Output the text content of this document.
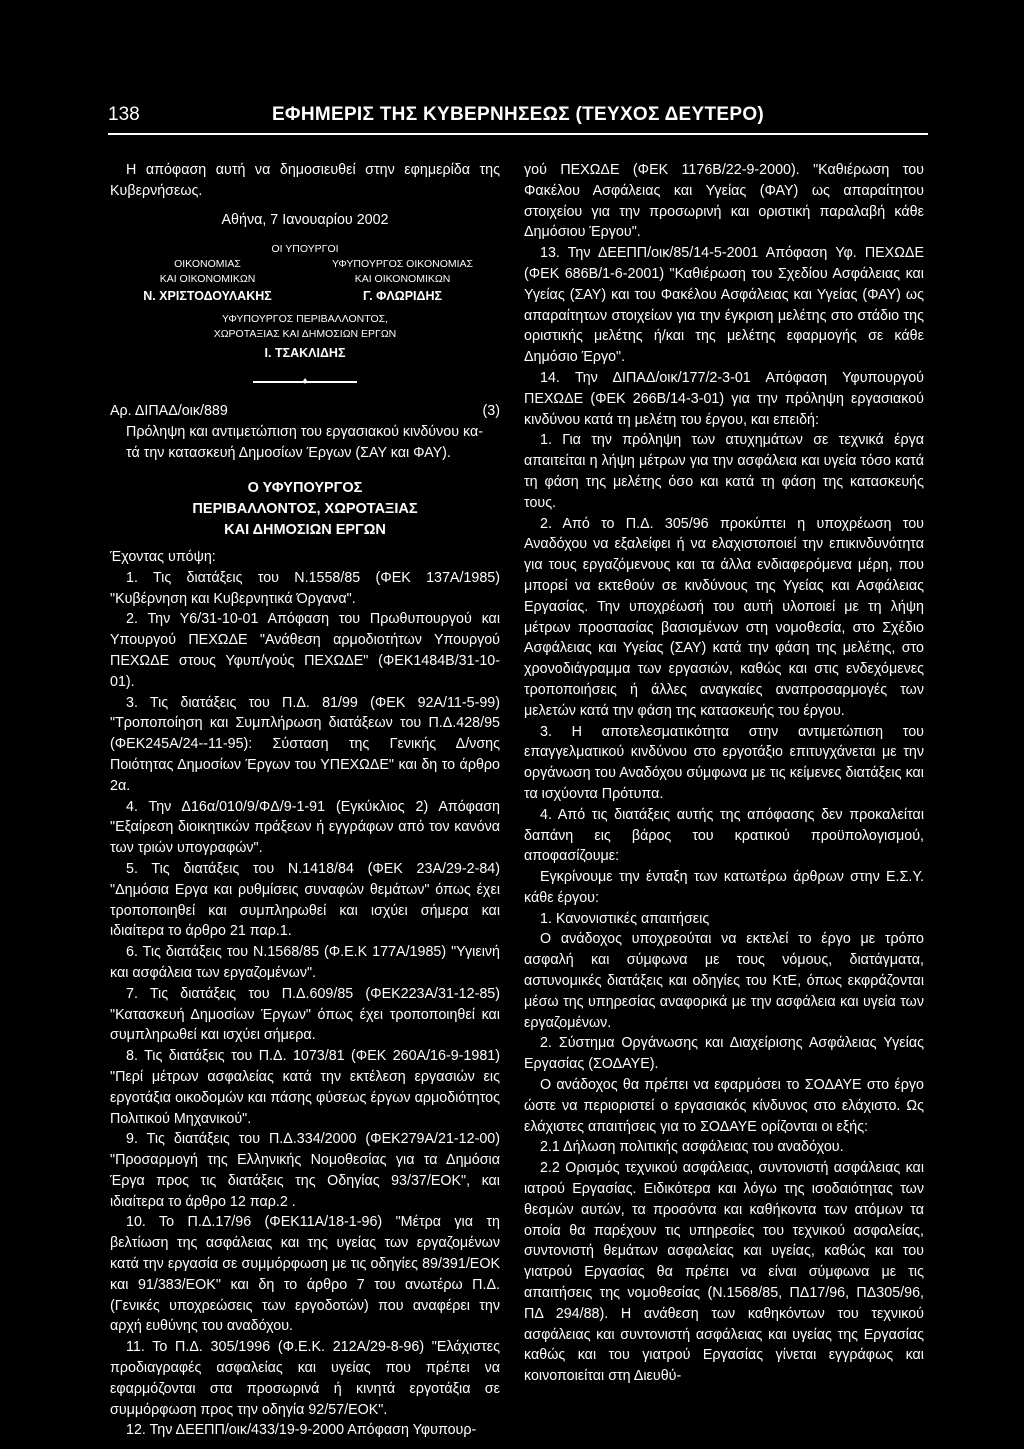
138	ΕΦΗΜΕΡΙΣ ΤΗΣ ΚΥΒΕΡΝΗΣΕΩΣ (ΤΕΥΧΟΣ ΔΕΥΤΕΡΟ)

Η απόφαση αυτή να δημοσιευθεί στην εφημερίδα της Κυβερνήσεως.

Αθήνα, 7 Ιανουαρίου 2002

ΟΙ ΥΠΟΥΡΓΟΙ
ΟΙΚΟΝΟΜΙΑΣ	ΥΦΥΠΟΥΡΓΟΣ ΟΙΚΟΝΟΜΙΑΣ
ΚΑΙ ΟΙΚΟΝΟΜΙΚΩΝ	ΚΑΙ ΟΙΚΟΝΟΜΙΚΩΝ
Ν. ΧΡΙΣΤΟΔΟΥΛΑΚΗΣ	Γ. ΦΛΩΡΙΔΗΣ
ΥΦΥΠΟΥΡΓΟΣ ΠΕΡΙΒΑΛΛΟΝΤΟΣ,
ΧΩΡΟΤΑΞΙΑΣ ΚΑΙ ΔΗΜΟΣΙΩΝ ΕΡΓΩΝ
Ι. ΤΣΑΚΛΙΔΗΣ
♦
Αρ. ΔΙΠΑΔ/οικ/889	(3)

Πρόληψη και αντιμετώπιση του εργασιακού κινδύνου κα-

τά την κατασκευή Δημοσίων Έργων (ΣΑΥ και ΦΑΥ).

Ο ΥΦΥΠΟΥΡΓΟΣ
ΠΕΡΙΒΑΛΛΟΝΤΟΣ, ΧΩΡΟΤΑΞΙΑΣ
ΚΑΙ ΔΗΜΟΣΙΩΝ ΕΡΓΩΝ

Έχοντας υπόψη:

1. Τις διατάξεις του Ν.1558/85 (ΦΕΚ 137Α/1985) "Κυβέρνηση και Κυβερνητικά Όργανα".

2. Την Υ6/31-10-01 Απόφαση του Πρωθυπουργού και Υπουργού ΠΕΧΩΔΕ "Ανάθεση αρμοδιοτήτων Υπουργού ΠΕΧΩΔΕ στους Υφυπ/γούς ΠΕΧΩΔΕ" (ΦΕΚ1484Β/31-10-01).

3. Τις διατάξεις του Π.Δ. 81/99 (ΦΕΚ 92Α/11-5-99) "Τροποποίηση και Συμπλήρωση διατάξεων του Π.Δ.428/95 (ΦΕΚ245Α/24--11-95): Σύσταση της Γενικής Δ/νσης Ποιότητας Δημοσίων Έργων του ΥΠΕΧΩΔΕ" και δη το άρθρο 2α.

4. Την Δ16α/010/9/ΦΔ/9-1-91 (Εγκύκλιος 2) Απόφαση "Εξαίρεση διοικητικών πράξεων ή εγγράφων από τον κανόνα των τριών υπογραφών".

5. Τις διατάξεις του Ν.1418/84 (ΦΕΚ 23Α/29-2-84) "Δημόσια Εργα και ρυθμίσεις συναφών θεμάτων" όπως έχει τροποποιηθεί και συμπληρωθεί και ισχύει σήμερα και ιδιαίτερα το άρθρο 21 παρ.1.

6. Τις διατάξεις του Ν.1568/85 (Φ.Ε.Κ 177Α/1985) "Υγιεινή και ασφάλεια των εργαζομένων".

7. Τις διατάξεις του Π.Δ.609/85 (ΦΕΚ223Α/31-12-85) "Κατασκευή Δημοσίων Έργων" όπως έχει τροποποιηθεί και συμπληρωθεί και ισχύει σήμερα.

8. Τις διατάξεις του Π.Δ. 1073/81 (ΦΕΚ 260Α/16-9-1981) "Περί μέτρων ασφαλείας κατά την εκτέλεση εργασιών εις εργοτάξια οικοδομών και πάσης φύσεως έργων αρμοδιότητος Πολιτικού Μηχανικού".

9. Τις διατάξεις του Π.Δ.334/2000 (ΦΕΚ279Α/21-12-00) "Προσαρμογή της Ελληνικής Νομοθεσίας για τα Δημόσια Έργα προς τις διατάξεις της Οδηγίας 93/37/ΕΟΚ", και ιδιαίτερα το άρθρο 12 παρ.2 .

10. Το Π.Δ.17/96 (ΦΕΚ11Α/18-1-96) "Μέτρα για τη βελτίωση της ασφάλειας και της υγείας των εργαζομένων κατά την εργασία σε συμμόρφωση με τις οδηγίες 89/391/ΕΟΚ και 91/383/ΕΟΚ" και δη το άρθρο 7 του ανωτέρω Π.Δ. (Γενικές υποχρεώσεις των εργοδοτών) που αναφέρει την αρχή ευθύνης του αναδόχου.

11. Το Π.Δ. 305/1996 (Φ.Ε.Κ. 212Α/29-8-96) "Ελάχιστες προδιαγραφές ασφαλείας και υγείας που πρέπει να εφαρμόζονται στα προσωρινά ή κινητά εργοτάξια σε συμμόρφωση προς την οδηγία 92/57/ΕΟΚ".

12. Την ΔΕΕΠΠ/οικ/433/19-9-2000 Απόφαση Υφυπουρ-

γού ΠΕΧΩΔΕ (ΦΕΚ 1176Β/22-9-2000). "Καθιέρωση του Φακέλου Ασφάλειας και Υγείας (ΦΑΥ) ως απαραίτητου στοιχείου για την προσωρινή και οριστική παραλαβή κάθε Δημόσιου Έργου".

13. Την ΔΕΕΠΠ/οικ/85/14-5-2001 Απόφαση Υφ. ΠΕΧΩΔΕ (ΦΕΚ 686Β/1-6-2001) "Καθιέρωση του Σχεδίου Ασφάλειας και Υγείας (ΣΑΥ) και του Φακέλου Ασφάλειας και Υγείας (ΦΑΥ) ως απαραίτητων στοιχείων για την έγκριση μελέτης στο στάδιο της οριστικής μελέτης ή/και της μελέτης εφαρμογής σε κάθε Δημόσιο Έργο".

14. Την ΔΙΠΑΔ/οικ/177/2-3-01 Απόφαση Υφυπουργού ΠΕΧΩΔΕ (ΦΕΚ 266Β/14-3-01) για την πρόληψη εργασιακού κινδύνου κατά τη μελέτη του έργου, και επειδή:

1. Για την πρόληψη των ατυχημάτων σε τεχνικά έργα απαιτείται η λήψη μέτρων για την ασφάλεια και υγεία τόσο κατά τη φάση της μελέτης όσο και κατά τη φάση της κατασκευής τους.

2. Από το Π.Δ. 305/96 προκύπτει η υποχρέωση του Αναδόχου να εξαλείφει ή να ελαχιστοποιεί την επικινδυνότητα για τους εργαζόμενους και τα άλλα ενδιαφερόμενα μέρη, που μπορεί να εκτεθούν σε κινδύνους της Υγείας και Ασφάλειας Εργασίας. Την υποχρέωσή του αυτή υλοποιεί με τη λήψη μέτρων προστασίας βασισμένων στη νομοθεσία, στο Σχέδιο Ασφάλειας και Υγείας (ΣΑΥ) κατά την φάση της μελέτης, στο χρονοδιάγραμμα των εργασιών, καθώς και στις ενδεχόμενες τροποποιήσεις ή άλλες αναγκαίες αναπροσαρμογές των μελετών κατά την φάση της κατασκευής του έργου.

3. Η αποτελεσματικότητα στην αντιμετώπιση του επαγγελματικού κινδύνου στο εργοτάξιο επιτυγχάνεται με την οργάνωση του Αναδόχου σύμφωνα με τις κείμενες διατάξεις και τα ισχύοντα Πρότυπα.

4. Από τις διατάξεις αυτής της απόφασης δεν προκαλείται δαπάνη εις βάρος του κρατικού προϋπολογισμού, αποφασίζουμε:

Εγκρίνουμε την ένταξη των κατωτέρω άρθρων στην Ε.Σ.Υ. κάθε έργου:

1. Κανονιστικές απαιτήσεις

Ο ανάδοχος υποχρεούται να εκτελεί το έργο με τρόπο ασφαλή και σύμφωνα με τους νόμους, διατάγματα, αστυνομικές διατάξεις και οδηγίες του ΚτΕ, όπως εκφράζονται μέσω της υπηρεσίας αναφορικά με την ασφάλεια και υγεία των εργαζομένων.

2. Σύστημα Οργάνωσης και Διαχείρισης Ασφάλειας Υγείας Εργασίας (ΣΟΔΑΥΕ).

Ο ανάδοχος θα πρέπει να εφαρμόσει το ΣΟΔΑΥΕ στο έργο ώστε να περιοριστεί ο εργασιακός κίνδυνος στο ελάχιστο. Ως ελάχιστες απαιτήσεις για το ΣΟΔΑΥΕ ορίζονται οι εξής:

2.1 Δήλωση πολιτικής ασφάλειας του αναδόχου.

2.2 Ορισμός τεχνικού ασφάλειας, συντονιστή ασφάλειας και ιατρού Εργασίας. Ειδικότερα και λόγω της ισοδαιότητας των θεσμών αυτών, τα προσόντα και καθήκοντα των ατόμων τα οποία θα παρέχουν τις υπηρεσίες του τεχνικού ασφαλείας, συντονιστή θεμάτων ασφαλείας και υγείας, καθώς και του γιατρού Εργασίας θα πρέπει να είναι σύμφωνα με τις απαιτήσεις της νομοθεσίας (Ν.1568/85, ΠΔ17/96, ΠΔ305/96, ΠΔ 294/88). Η ανάθεση των καθηκόντων του τεχνικού ασφάλειας και συντονιστή ασφάλειας και υγείας της Εργασίας καθώς και του γιατρού Εργασίας γίνεται εγγράφως και κοινοποιείται στη Διευθύ-
